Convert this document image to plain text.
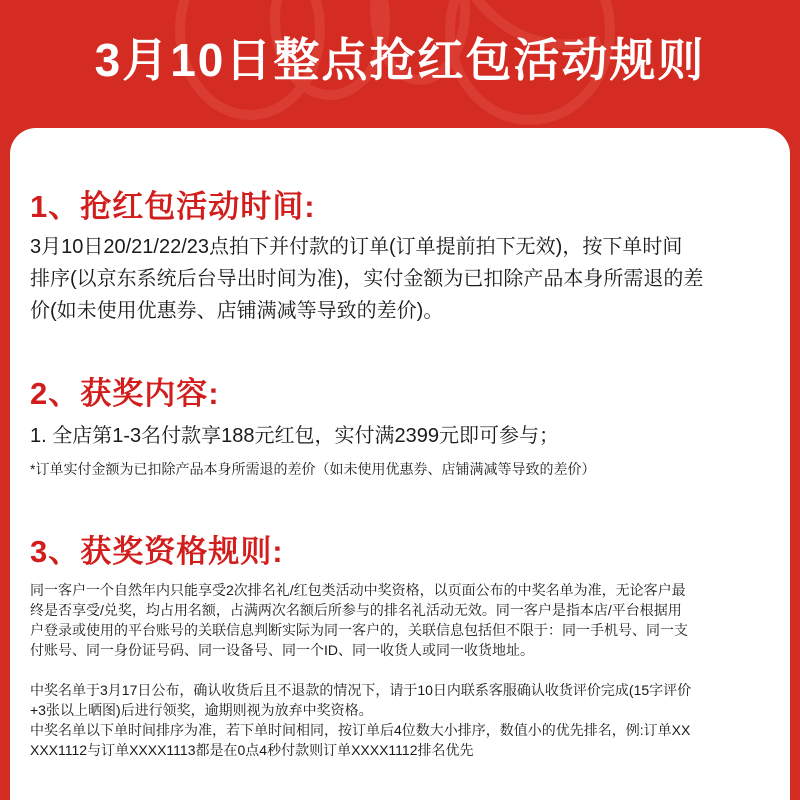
3月10日整点抢红包活动规则
1、抢红包活动时间:

3月10日20/21/22/23点拍下并付款的订单(订单提前拍下无效)，按下单时间
排序(以京东系统后台导出时间为准)，实付金额为已扣除产品本身所需退的差
价(如未使用优惠券、店铺满减等导致的差价)。

2、获奖内容:

1. 全店第1-3名付款享188元红包，实付满2399元即可参与；

*订单实付金额为已扣除产品本身所需退的差价（如未使用优惠券、店铺满减等导致的差价）
3、获奖资格规则:

同一客户一个自然年内只能享受2次排名礼/红包类活动中奖资格，以页面公布的中奖名单为准，无论客户最
终是否享受/兑奖，均占用名额，占满两次名额后所参与的排名礼活动无效。同一客户是指本店/平台根据用
户登录或使用的平台账号的关联信息判断实际为同一客户的，关联信息包括但不限于：同一手机号、同一支
付账号、同一身份证号码、同一设备号、同一个ID、同一收货人或同一收货地址。

中奖名单于3月17日公布，确认收货后且不退款的情况下，请于10日内联系客服确认收货评价完成(15字评价
+3张以上晒图)后进行领奖，逾期则视为放弃中奖资格。
中奖名单以下单时间排序为准，若下单时间相同，按订单后4位数大小排序，数值小的优先排名，例:订单XX
XXX1112与订单XXXX1113都是在0点4秒付款则订单XXXX1112排名优先
